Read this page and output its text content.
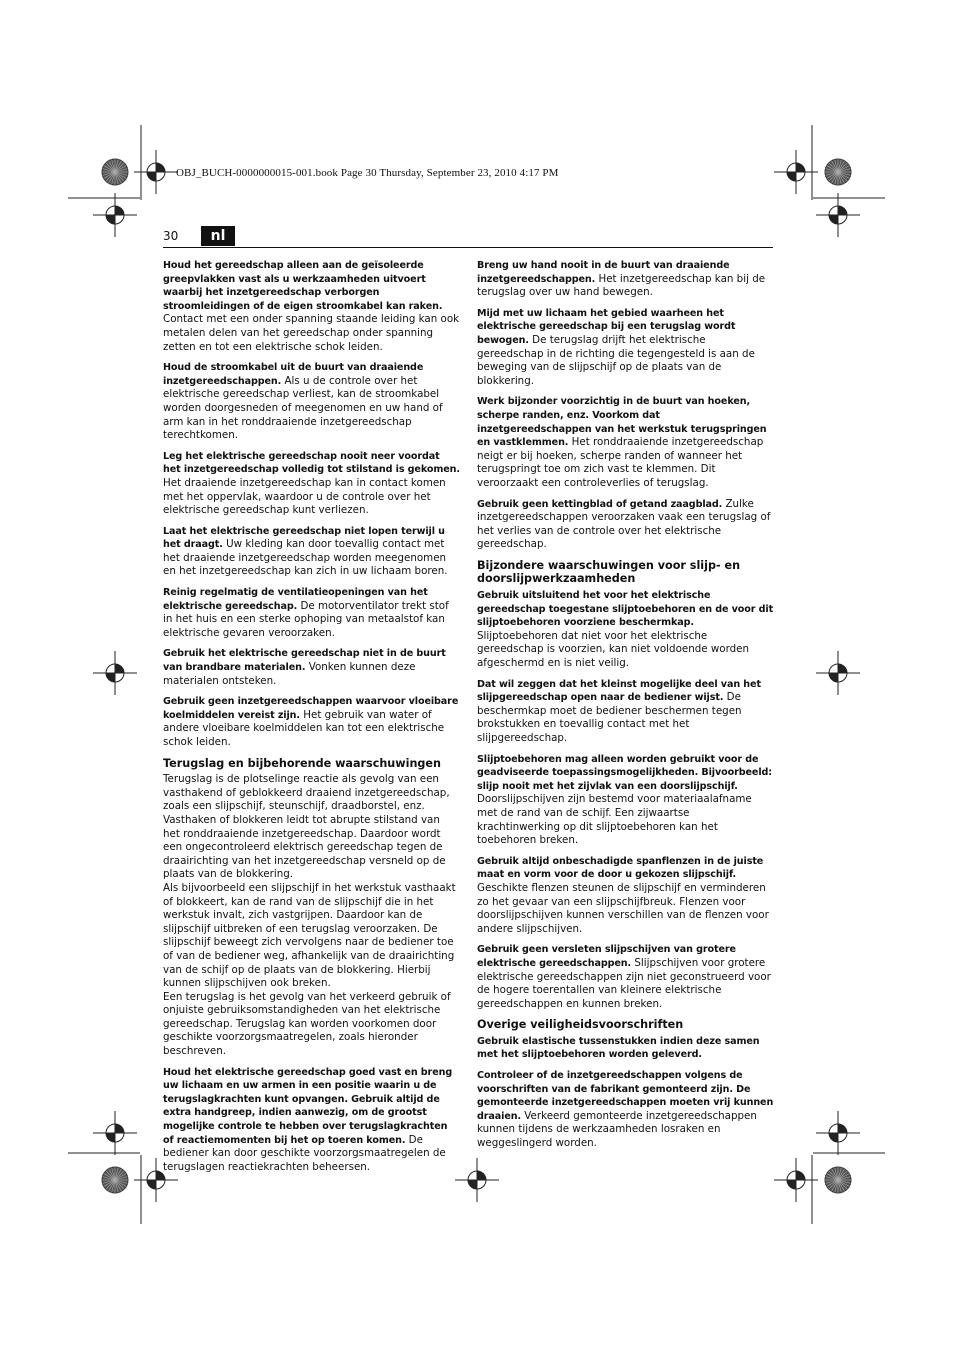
OBJ_BUCH-0000000015-001.book Page 30 Thursday, September 23, 2010 4:17 PM
30	nl

Houd het gereedschap alleen aan de geïsoleerde greepvlakken vast als u werkzaamheden uitvoert waarbij het inzetgereedschap verborgen stroomleidingen of de eigen stroomkabel kan raken. Contact met een onder spanning staande leiding kan ook metalen delen van het gereedschap onder spanning zetten en tot een elektrische schok leiden.

Houd de stroomkabel uit de buurt van draaiende inzetgereedschappen. Als u de controle over het elektrische gereedschap verliest, kan de stroomkabel worden doorgesneden of meegenomen en uw hand of arm kan in het ronddraaiende inzetgereedschap terechtkomen.

Leg het elektrische gereedschap nooit neer voordat het inzetgereedschap volledig tot stilstand is gekomen. Het draaiende inzetgereedschap kan in contact komen met het oppervlak, waardoor u de controle over het elektrische gereedschap kunt verliezen.

Laat het elektrische gereedschap niet lopen terwijl u het draagt. Uw kleding kan door toevallig contact met het draaiende inzetgereedschap worden meegenomen en het inzetgereedschap kan zich in uw lichaam boren.

Reinig regelmatig de ventilatieopeningen van het elektrische gereedschap. De motorventilator trekt stof in het huis en een sterke ophoping van metaalstof kan elektrische gevaren veroorzaken.

Gebruik het elektrische gereedschap niet in de buurt van brandbare materialen. Vonken kunnen deze materialen ontsteken.

Gebruik geen inzetgereedschappen waarvoor vloeibare koelmiddelen vereist zijn. Het gebruik van water of andere vloeibare koelmiddelen kan tot een elektrische schok leiden.

Terugslag en bijbehorende waarschuwingen

Terugslag is de plotselinge reactie als gevolg van een vasthakend of geblokkeerd draaiend inzetgereedschap, zoals een slijpschijf, steunschijf, draadborstel, enz. Vasthaken of blokkeren leidt tot abrupte stilstand van het ronddraaiende inzetgereedschap. Daardoor wordt een ongecontroleerd elektrisch gereedschap tegen de draairichting van het inzetgereedschap versneld op de plaats van de blokkering.

Als bijvoorbeeld een slijpschijf in het werkstuk vasthaakt of blokkeert, kan de rand van de slijpschijf die in het werkstuk invalt, zich vastgrijpen. Daardoor kan de slijpschijf uitbreken of een terugslag veroorzaken. De slijpschijf beweegt zich vervolgens naar de bediener toe of van de bediener weg, afhankelijk van de draairichting van de schijf op de plaats van de blokkering. Hierbij kunnen slijpschijven ook breken.

Een terugslag is het gevolg van het verkeerd gebruik of onjuiste gebruiksomstandigheden van het elektrische gereedschap. Terugslag kan worden voorkomen door geschikte voorzorgsmaatregelen, zoals hieronder beschreven.

Houd het elektrische gereedschap goed vast en breng uw lichaam en uw armen in een positie waarin u de terugslagkrachten kunt opvangen. Gebruik altijd de extra handgreep, indien aanwezig, om de grootst mogelijke controle te hebben over terugslagkrachten of reactiemomenten bij het op toeren komen. De bediener kan door geschikte voorzorgsmaatregelen de terugslagen reactiekrachten beheersen.

Breng uw hand nooit in de buurt van draaiende inzetgereedschappen. Het inzetgereedschap kan bij de terugslag over uw hand bewegen.

Mijd met uw lichaam het gebied waarheen het elektrische gereedschap bij een terugslag wordt bewogen. De terugslag drijft het elektrische gereedschap in de richting die tegengesteld is aan de beweging van de slijpschijf op de plaats van de blokkering.

Werk bijzonder voorzichtig in de buurt van hoeken, scherpe randen, enz. Voorkom dat inzetgereedschappen van het werkstuk terugspringen en vastklemmen. Het ronddraaiende inzetgereedschap neigt er bij hoeken, scherpe randen of wanneer het terugspringt toe om zich vast te klemmen. Dit veroorzaakt een controleverlies of terugslag.

Gebruik geen kettingblad of getand zaagblad. Zulke inzetgereedschappen veroorzaken vaak een terugslag of het verlies van de controle over het elektrische gereedschap.

Bijzondere waarschuwingen voor slijp- en doorslijpwerkzaamheden

Gebruik uitsluitend het voor het elektrische gereedschap toegestane slijptoebehoren en de voor dit slijptoebehoren voorziene beschermkap. Slijptoebehoren dat niet voor het elektrische gereedschap is voorzien, kan niet voldoende worden afgeschermd en is niet veilig.

Dat wil zeggen dat het kleinst mogelijke deel van het slijpgereedschap open naar de bediener wijst. De beschermkap moet de bediener beschermen tegen brokstukken en toevallig contact met het slijpgereedschap.

Slijptoebehoren mag alleen worden gebruikt voor de geadviseerde toepassingsmogelijkheden. Bijvoorbeeld: slijp nooit met het zijvlak van een doorslijpschijf. Doorslijpschijven zijn bestemd voor materiaalafname met de rand van de schijf. Een zijwaartse krachtinwerking op dit slijptoebehoren kan het toebehoren breken.

Gebruik altijd onbeschadigde spanflenzen in de juiste maat en vorm voor de door u gekozen slijpschijf. Geschikte flenzen steunen de slijpschijf en verminderen zo het gevaar van een slijpschijfbreuk. Flenzen voor doorslijpschijven kunnen verschillen van de flenzen voor andere slijpschijven.

Gebruik geen versleten slijpschijven van grotere elektrische gereedschappen. Slijpschijven voor grotere elektrische gereedschappen zijn niet geconstrueerd voor de hogere toerentallen van kleinere elektrische gereedschappen en kunnen breken.

Overige veiligheidsvoorschriften

Gebruik elastische tussenstukken indien deze samen met het slijptoebehoren worden geleverd.

Controleer of de inzetgereedschappen volgens de voorschriften van de fabrikant gemonteerd zijn. De gemonteerde inzetgereedschappen moeten vrij kunnen draaien. Verkeerd gemonteerde inzetgereedschappen kunnen tijdens de werkzaamheden losraken en weggeslingerd worden.
